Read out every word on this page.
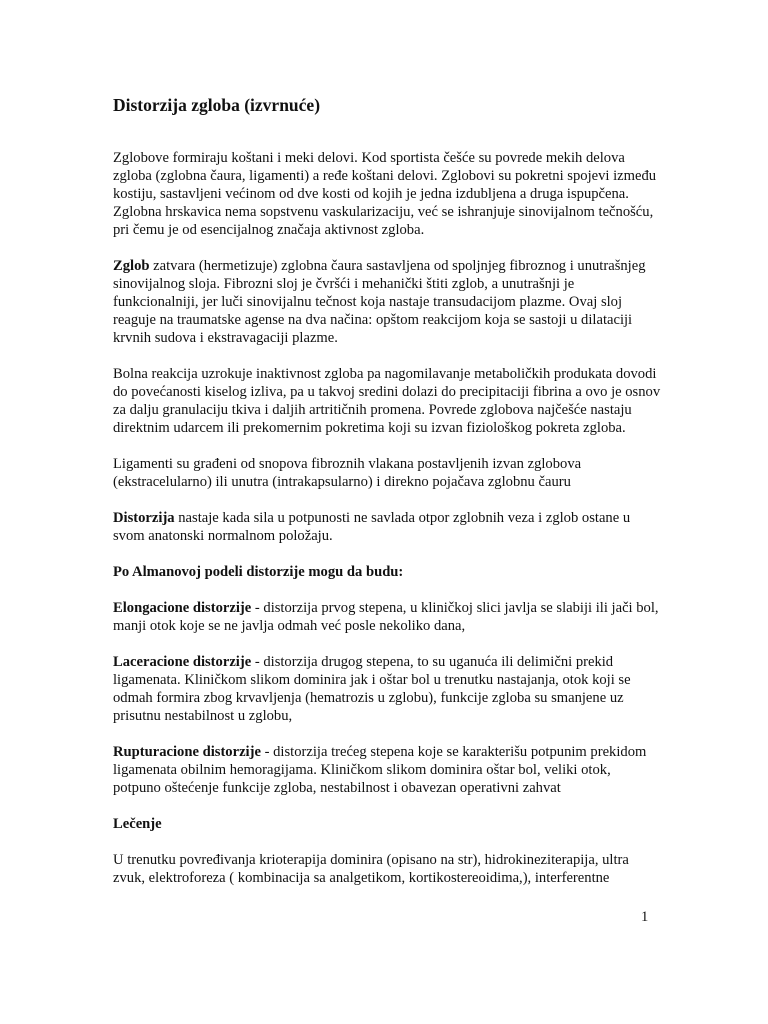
Distorzija zgloba (izvrnuće)

Zglobove formiraju koštani i meki delovi. Kod sportista češće su povrede mekih delova zgloba (zglobna čaura, ligamenti) a ređe koštani delovi. Zglobovi su pokretni spojevi između kostiju, sastavljeni većinom od dve kosti od kojih je jedna izdubljena a druga ispupčena. Zglobna hrskavica nema sopstvenu vaskularizaciju, već se ishranjuje sinovijalnom tečnošću, pri čemu je od esencijalnog značaja aktivnost zgloba.

Zglob zatvara (hermetizuje) zglobna čaura sastavljena od spoljnjeg fibroznog i unutrašnjeg sinovijalnog sloja. Fibrozni sloj je čvršći i mehanički štiti zglob, a unutrašnji je funkcionalniji, jer luči sinovijalnu tečnost koja nastaje transudacijom plazme. Ovaj sloj reaguje na traumatske agense na dva načina: opštom reakcijom koja se sastoji u dilataciji krvnih sudova i ekstravagaciji plazme.

Bolna reakcija uzrokuje inaktivnost zgloba pa nagomilavanje metaboličkih produkata dovodi do povećanosti kiselog izliva, pa u takvoj sredini dolazi do precipitaciji fibrina a ovo je osnov za dalju granulaciju tkiva i daljih artritičnih promena. Povrede zglobova najčešće nastaju direktnim udarcem ili prekomernim pokretima koji su izvan fiziološkog pokreta zgloba.

Ligamenti su građeni od snopova fibroznih vlakana postavljenih izvan zglobova (ekstracelularno) ili unutra (intrakapsularno) i direkno pojačava zglobnu čauru

Distorzija nastaje kada sila u potpunosti ne savlada otpor zglobnih veza i zglob ostane u svom anatonski normalnom položaju.

Po Almanovoj podeli distorzije mogu da budu:

Elongacione distorzije - distorzija prvog stepena, u kliničkoj slici javlja se slabiji ili jači bol, manji otok koje se ne javlja odmah već posle nekoliko dana,

Laceracione distorzije - distorzija drugog stepena, to su uganuća ili delimični prekid ligamenata. Kliničkom slikom dominira jak i oštar bol u trenutku nastajanja, otok koji se odmah formira zbog krvavljenja (hematrozis u zglobu), funkcije zgloba su smanjene uz prisutnu nestabilnost u zglobu,

Rupturacione distorzije - distorzija trećeg stepena koje se karakterišu potpunim prekidom ligamenata obilnim hemoragijama. Kliničkom slikom dominira oštar bol, veliki otok, potpuno oštećenje funkcije zgloba, nestabilnost i obavezan operativni zahvat

Lečenje

U trenutku povređivanja krioterapija dominira (opisano na str), hidrokineziterapija, ultra zvuk, elektroforeza ( kombinacija sa analgetikom, kortikostereoidima,), interferentne

1
